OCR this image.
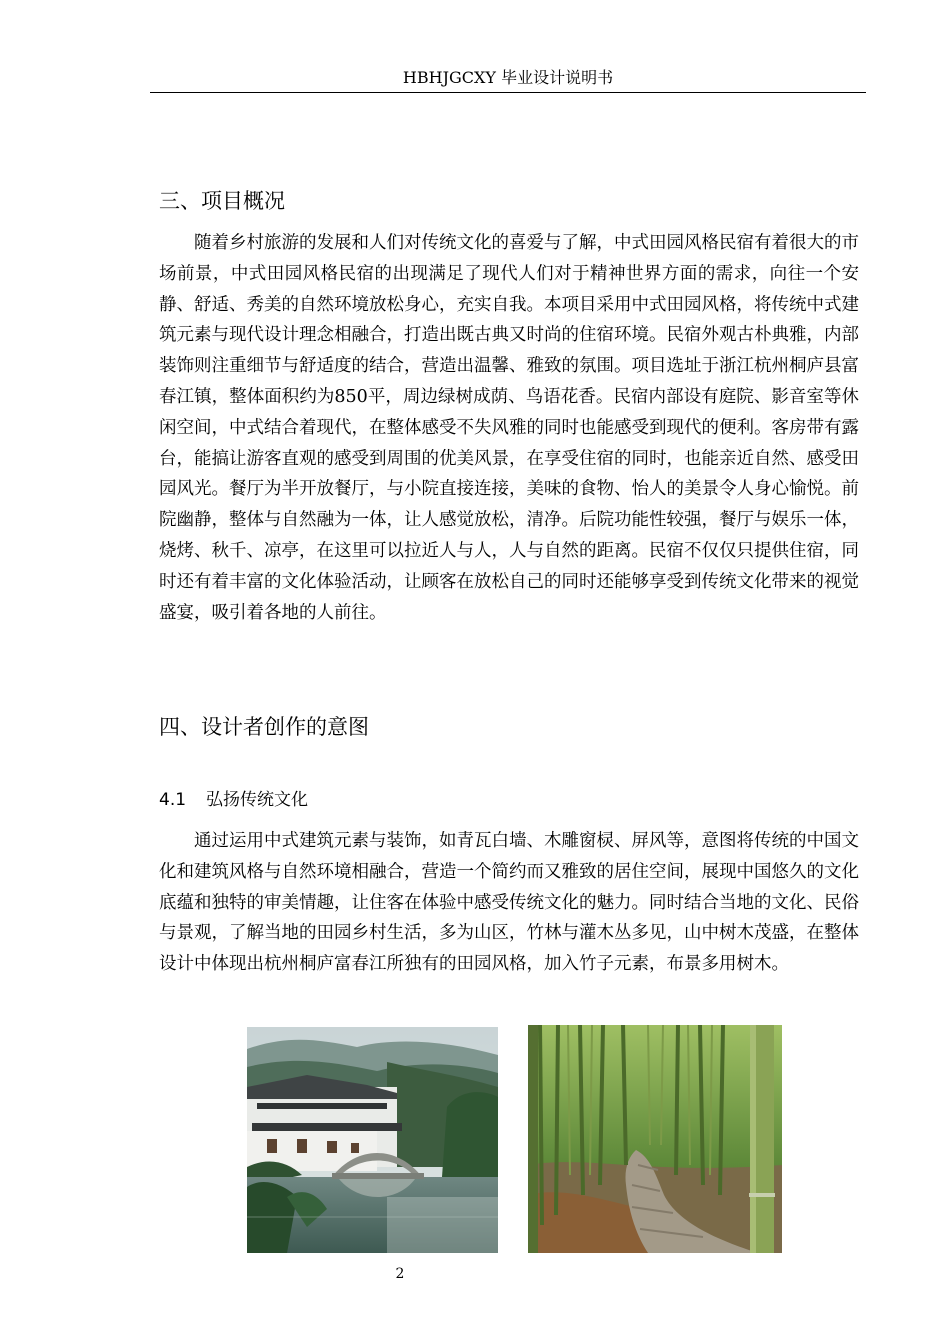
HBHJGCXY 毕业设计说明书
三、项目概况

随着乡村旅游的发展和人们对传统文化的喜爱与了解，中式田园风格民宿有着很大的市场前景，中式田园风格民宿的出现满足了现代人们对于精神世界方面的需求，向往一个安静、舒适、秀美的自然环境放松身心，充实自我。本项目采用中式田园风格，将传统中式建筑元素与现代设计理念相融合，打造出既古典又时尚的住宿环境。民宿外观古朴典雅，内部装饰则注重细节与舒适度的结合，营造出温馨、雅致的氛围。项目选址于浙江杭州桐庐县富春江镇，整体面积约为850平，周边绿树成荫、鸟语花香。民宿内部设有庭院、影音室等休闲空间，中式结合着现代，在整体感受不失风雅的同时也能感受到现代的便利。客房带有露台，能搞让游客直观的感受到周围的优美风景，在享受住宿的同时，也能亲近自然、感受田园风光。餐厅为半开放餐厅，与小院直接连接，美味的食物、怡人的美景令人身心愉悦。前院幽静，整体与自然融为一体，让人感觉放松，清净。后院功能性较强，餐厅与娱乐一体，烧烤、秋千、凉亭，在这里可以拉近人与人，人与自然的距离。民宿不仅仅只提供住宿，同时还有着丰富的文化体验活动，让顾客在放松自己的同时还能够享受到传统文化带来的视觉盛宴，吸引着各地的人前往。

四、设计者创作的意图
4.1 弘扬传统文化

通过运用中式建筑元素与装饰，如青瓦白墙、木雕窗棂、屏风等，意图将传统的中国文化和建筑风格与自然环境相融合，营造一个简约而又雅致的居住空间，展现中国悠久的文化底蕴和独特的审美情趣，让住客在体验中感受传统文化的魅力。同时结合当地的文化、民俗与景观，了解当地的田园乡村生活，多为山区，竹林与灌木丛多见，山中树木茂盛，在整体设计中体现出杭州桐庐富春江所独有的田园风格，加入竹子元素，布景多用树木。

2
